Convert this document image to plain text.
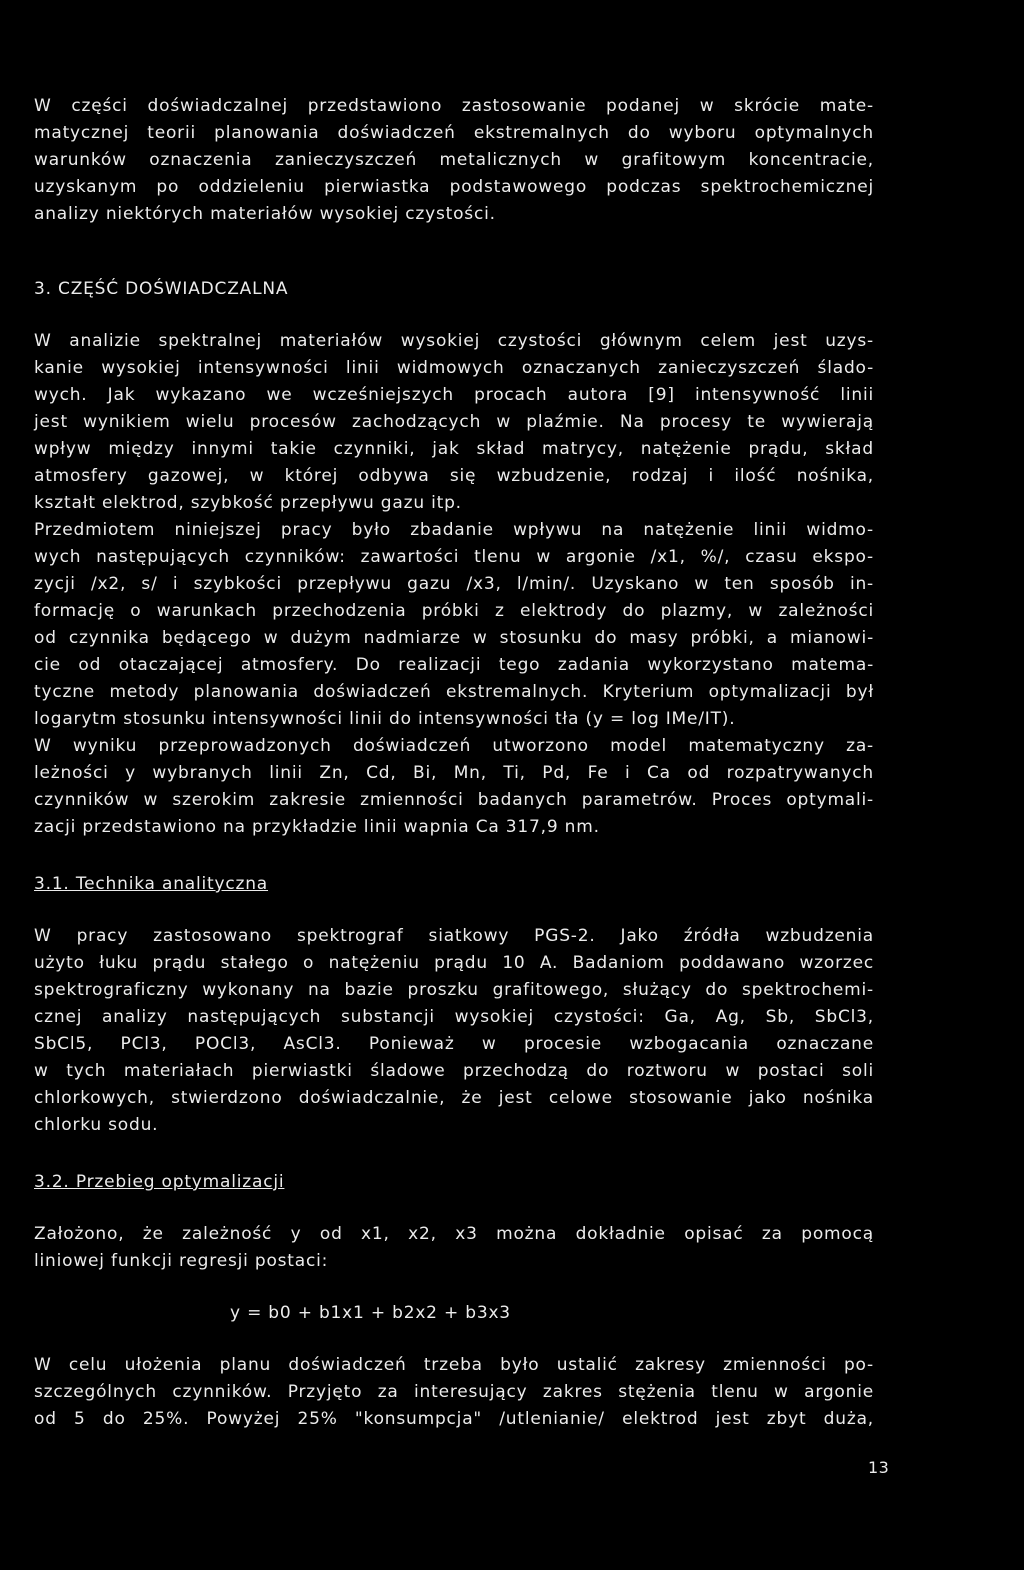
W części doświadczalnej przedstawiono zastosowanie podanej w skrócie mate-
matycznej teorii planowania doświadczeń ekstremalnych do wyboru optymalnych
warunków oznaczenia zanieczyszczeń metalicznych w grafitowym koncentracie,
uzyskanym po oddzieleniu pierwiastka podstawowego podczas spektrochemicznej
analizy niektórych materiałów wysokiej czystości.
3. CZĘŚĆ DOŚWIADCZALNA
W analizie spektralnej materiałów wysokiej czystości głównym celem jest uzys-
kanie wysokiej intensywności linii widmowych oznaczanych zanieczyszczeń ślado-
wych. Jak wykazano we wcześniejszych procach autora [9] intensywność linii
jest wynikiem wielu procesów zachodzących w plaźmie. Na procesy te wywierają
wpływ między innymi takie czynniki, jak skład matrycy, natężenie prądu, skład
atmosfery gazowej, w której odbywa się wzbudzenie, rodzaj i ilość nośnika,
kształt elektrod, szybkość przepływu gazu itp.
Przedmiotem niniejszej pracy było zbadanie wpływu na natężenie linii widmo-
wych następujących czynników: zawartości tlenu w argonie /x1, %/, czasu ekspo-
zycji /x2, s/ i szybkości przepływu gazu /x3, l/min/. Uzyskano w ten sposób in-
formację o warunkach przechodzenia próbki z elektrody do plazmy, w zależności
od czynnika będącego w dużym nadmiarze w stosunku do masy próbki, a mianowi-
cie od otaczającej atmosfery. Do realizacji tego zadania wykorzystano matema-
tyczne metody planowania doświadczeń ekstremalnych. Kryterium optymalizacji był
logarytm stosunku intensywności linii do intensywności tła (y = log IMe/IT).
W wyniku przeprowadzonych doświadczeń utworzono model matematyczny za-
leżności y wybranych linii Zn, Cd, Bi, Mn, Ti, Pd, Fe i Ca od rozpatrywanych
czynników w szerokim zakresie zmienności badanych parametrów. Proces optymali-
zacji przedstawiono na przykładzie linii wapnia Ca 317,9 nm.
3.1. Technika analityczna
W pracy zastosowano spektrograf siatkowy PGS-2. Jako źródła wzbudzenia
użyto łuku prądu stałego o natężeniu prądu 10 A. Badaniom poddawano wzorzec
spektrograficzny wykonany na bazie proszku grafitowego, służący do spektrochemi-
cznej analizy następujących substancji wysokiej czystości: Ga, Ag, Sb, SbCl3,
SbCl5, PCl3, POCl3, AsCl3. Ponieważ w procesie wzbogacania oznaczane
w tych materiałach pierwiastki śladowe przechodzą do roztworu w postaci soli
chlorkowych, stwierdzono doświadczalnie, że jest celowe stosowanie jako nośnika
chlorku sodu.
3.2. Przebieg optymalizacji
Założono, że zależność y od x1, x2, x3 można dokładnie opisać za pomocą
liniowej funkcji regresji postaci:
y = b0 + b1x1 + b2x2 + b3x3
W celu ułożenia planu doświadczeń trzeba było ustalić zakresy zmienności po-
szczególnych czynników. Przyjęto za interesujący zakres stężenia tlenu w argonie
od 5 do 25%. Powyżej 25% "konsumpcja" /utlenianie/ elektrod jest zbyt duża,
13
